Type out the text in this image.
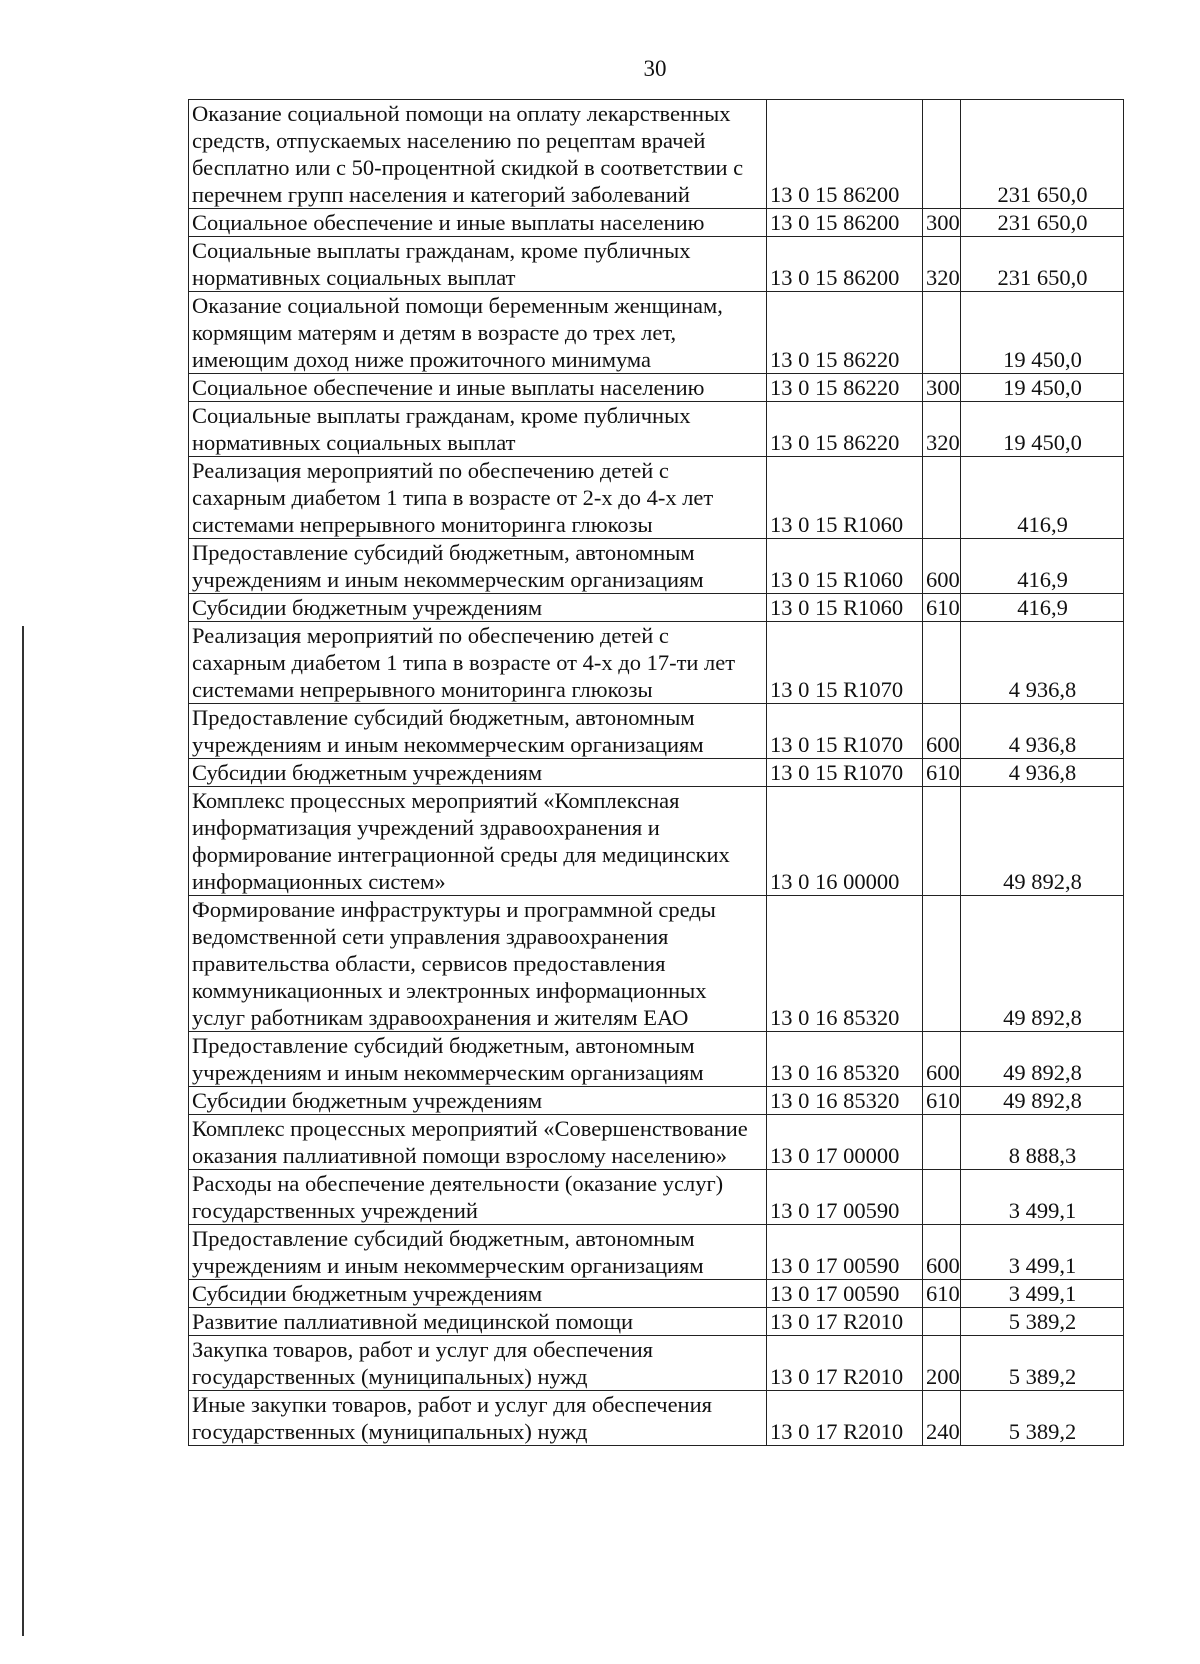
30
Оказание социальной помощи на оплату лекарственных средств, отпускаемых населению по рецептам врачей бесплатно или с 50-процентной скидкой в соответствии с перечнем групп населения и категорий заболеваний	13 0 15 86200		231 650,0
Социальное обеспечение и иные выплаты населению	13 0 15 86200	300	231 650,0
Социальные выплаты гражданам, кроме публичных нормативных социальных выплат	13 0 15 86200	320	231 650,0
Оказание социальной помощи беременным женщинам, кормящим матерям и детям в возрасте до трех лет, имеющим доход ниже прожиточного минимума	13 0 15 86220		19 450,0
Социальное обеспечение и иные выплаты населению	13 0 15 86220	300	19 450,0
Социальные выплаты гражданам, кроме публичных нормативных социальных выплат	13 0 15 86220	320	19 450,0
Реализация мероприятий по обеспечению детей с сахарным диабетом 1 типа в возрасте от 2-х до 4-х лет системами непрерывного мониторинга глюкозы	13 0 15 R1060		416,9
Предоставление субсидий бюджетным, автономным учреждениям и иным некоммерческим организациям	13 0 15 R1060	600	416,9
Субсидии бюджетным учреждениям	13 0 15 R1060	610	416,9
Реализация мероприятий по обеспечению детей с сахарным диабетом 1 типа в возрасте от 4-х до 17-ти лет системами непрерывного мониторинга глюкозы	13 0 15 R1070		4 936,8
Предоставление субсидий бюджетным, автономным учреждениям и иным некоммерческим организациям	13 0 15 R1070	600	4 936,8
Субсидии бюджетным учреждениям	13 0 15 R1070	610	4 936,8
Комплекс процессных мероприятий «Комплексная информатизация учреждений здравоохранения и формирование интеграционной среды для медицинских информационных систем»	13 0 16 00000		49 892,8
Формирование инфраструктуры и программной среды ведомственной сети управления здравоохранения правительства области, сервисов предоставления коммуникационных и электронных информационных услуг работникам здравоохранения и жителям ЕАО	13 0 16 85320		49 892,8
Предоставление субсидий бюджетным, автономным учреждениям и иным некоммерческим организациям	13 0 16 85320	600	49 892,8
Субсидии бюджетным учреждениям	13 0 16 85320	610	49 892,8
Комплекс процессных мероприятий «Совершенствование оказания паллиативной помощи взрослому населению»	13 0 17 00000		8 888,3
Расходы на обеспечение деятельности (оказание услуг) государственных учреждений	13 0 17 00590		3 499,1
Предоставление субсидий бюджетным, автономным учреждениям и иным некоммерческим организациям	13 0 17 00590	600	3 499,1
Субсидии бюджетным учреждениям	13 0 17 00590	610	3 499,1
Развитие паллиативной медицинской помощи	13 0 17 R2010		5 389,2
Закупка товаров, работ и услуг для обеспечения государственных (муниципальных) нужд	13 0 17 R2010	200	5 389,2
Иные закупки товаров, работ и услуг для обеспечения государственных (муниципальных) нужд	13 0 17 R2010	240	5 389,2
